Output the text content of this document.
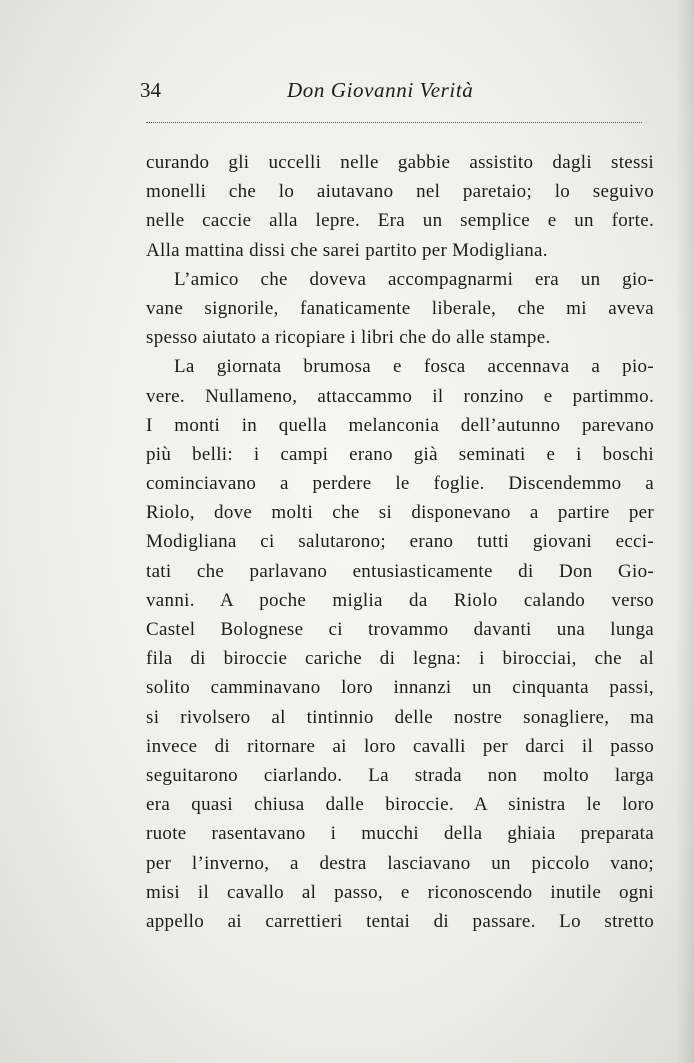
34	Don Giovanni Verità
curando gli uccelli nelle gabbie assistito dagli stessi
monelli che lo aiutavano nel paretaio; lo seguivo
nelle caccie alla lepre. Era un semplice e un forte.
Alla mattina dissi che sarei partito per Modigliana.
L’amico che doveva accompagnarmi era un gio-
vane signorile, fanaticamente liberale, che mi aveva
spesso aiutato a ricopiare i libri che do alle stampe.
La giornata brumosa e fosca accennava a pio-
vere. Nullameno, attaccammo il ronzino e partimmo.
I monti in quella melanconia dell’autunno parevano
più belli: i campi erano già seminati e i boschi
cominciavano a perdere le foglie. Discendemmo a
Riolo, dove molti che si disponevano a partire per
Modigliana ci salutarono; erano tutti giovani ecci-
tati che parlavano entusiasticamente di Don Gio-
vanni. A poche miglia da Riolo calando verso
Castel Bolognese ci trovammo davanti una lunga
fila di biroccie cariche di legna: i birocciai, che al
solito camminavano loro innanzi un cinquanta passi,
si rivolsero al tintinnio delle nostre sonagliere, ma
invece di ritornare ai loro cavalli per darci il passo
seguitarono ciarlando. La strada non molto larga
era quasi chiusa dalle biroccie. A sinistra le loro
ruote rasentavano i mucchi della ghiaia preparata
per l’inverno, a destra lasciavano un piccolo vano;
misi il cavallo al passo, e riconoscendo inutile ogni
appello ai carrettieri tentai di passare. Lo stretto
